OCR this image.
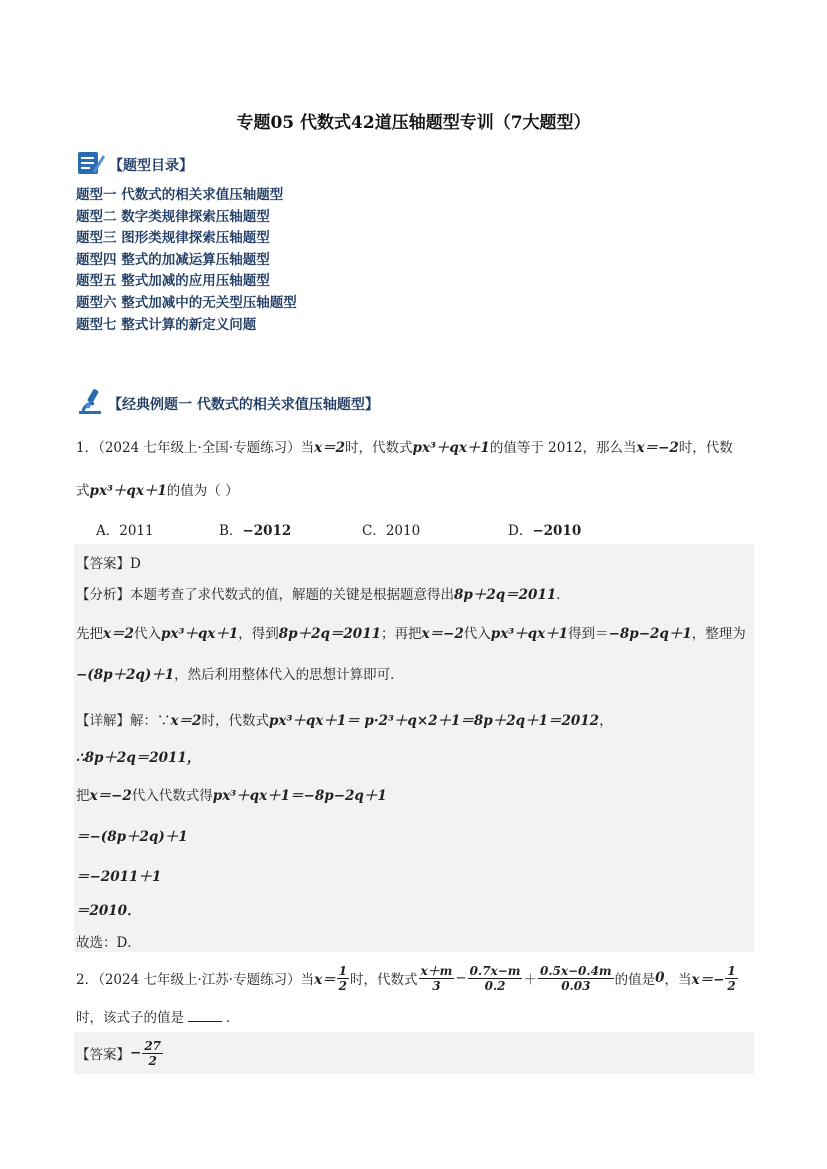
专题05 代数式42道压轴题型专训（7大题型）
【题型目录】
题型一 代数式的相关求值压轴题型
题型二 数字类规律探索压轴题型
题型三 图形类规律探索压轴题型
题型四 整式的加减运算压轴题型
题型五 整式加减的应用压轴题型
题型六 整式加减中的无关型压轴题型
题型七 整式计算的新定义问题
【经典例题一 代数式的相关求值压轴题型】
1．（2024 七年级上·全国·专题练习）当x＝2时，代数式px³＋qx＋1的值等于 2012，那么当x＝−2时，代数
式px³＋qx＋1的值为（ ）
A．2011	B．−2012	C．2010	D．−2010
【答案】D
【分析】本题考查了求代数式的值，解题的关键是根据题意得出8p＋2q＝2011．
先把x＝2代入px³＋qx＋1，得到8p＋2q＝2011；再把x＝−2代入px³＋qx＋1得到＝−8p−2q＋1，整理为
−(8p＋2q)＋1，然后利用整体代入的思想计算即可．
【详解】解：∵x＝2时，代数式px³＋qx＋1＝ p·2³＋q×2＋1＝8p＋2q＋1＝2012，
∴8p＋2q＝2011，
把x＝−2代入代数式得px³＋qx＋1＝−8p−2q＋1
＝−(8p＋2q)＋1
＝−2011＋1
＝2010．
故选：D．
2．（2024 七年级上·江苏·专题练习）当 $x= \frac{1}{2}$ 时，代数式 $\frac{x+m}{3} - \frac{0.7x-m}{0.2} + \frac{0.5x-0.4m}{0.03}$ 的值是 0 ，当 $x=- \frac{1}{2}$
时，该式子的值是	．
【答案】 − $\frac{27}{2}$
